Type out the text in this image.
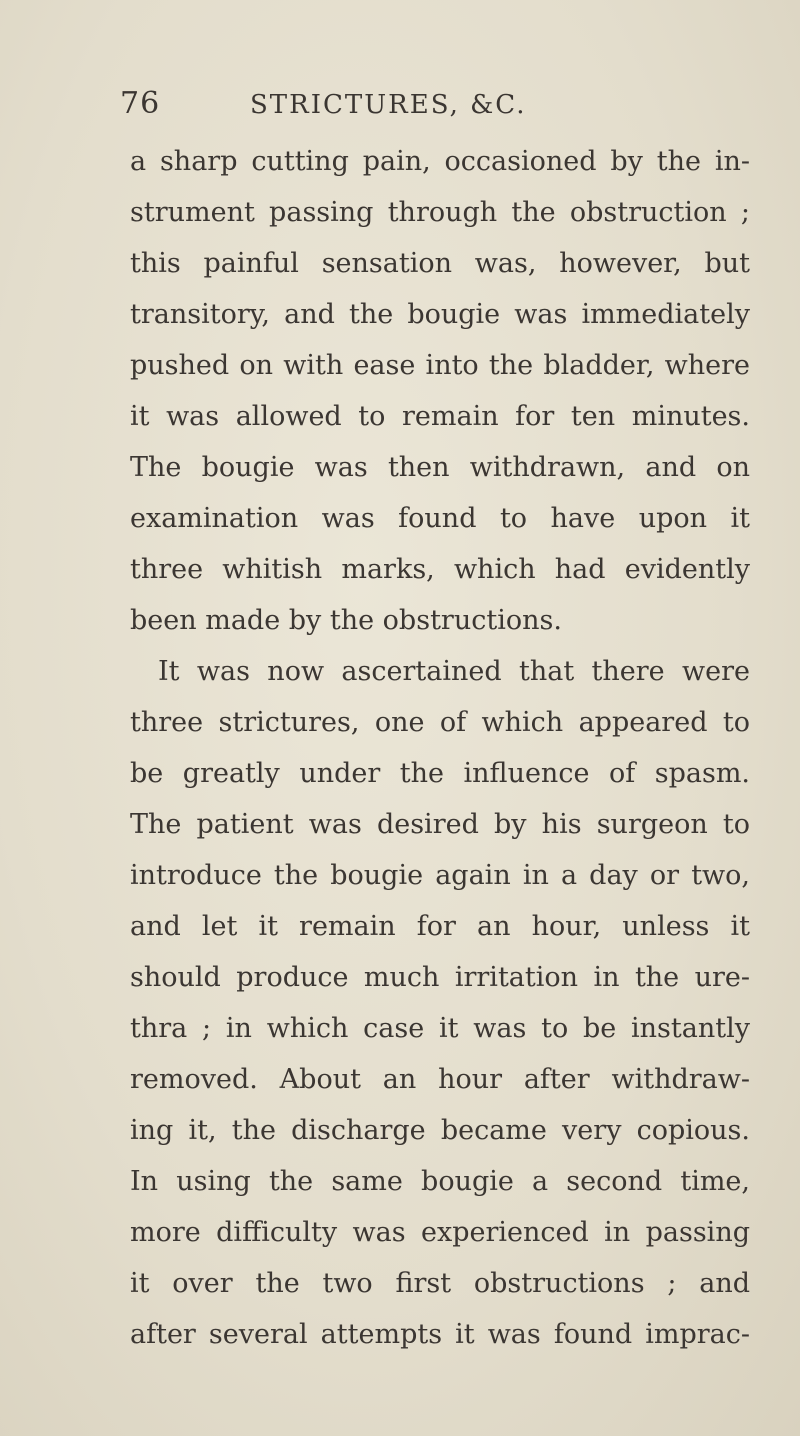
76	STRICTURES, &C.
a sharp cutting pain, occasioned by the in-
strument passing through the obstruction ;
this painful sensation was, however, but
transitory, and the bougie was immediately
pushed on with ease into the bladder, where
it was allowed to remain for ten minutes.
The bougie was then withdrawn, and on
examination was found to have upon it
three whitish marks, which had evidently
been made by the obstructions.
It was now ascertained that there were
three strictures, one of which appeared to
be greatly under the influence of spasm.
The patient was desired by his surgeon to
introduce the bougie again in a day or two,
and let it remain for an hour, unless it
should produce much irritation in the ure-
thra ; in which case it was to be instantly
removed. About an hour after withdraw-
ing it, the discharge became very copious.
In using the same bougie a second time,
more difficulty was experienced in passing
it over the two first obstructions ; and
after several attempts it was found imprac-
